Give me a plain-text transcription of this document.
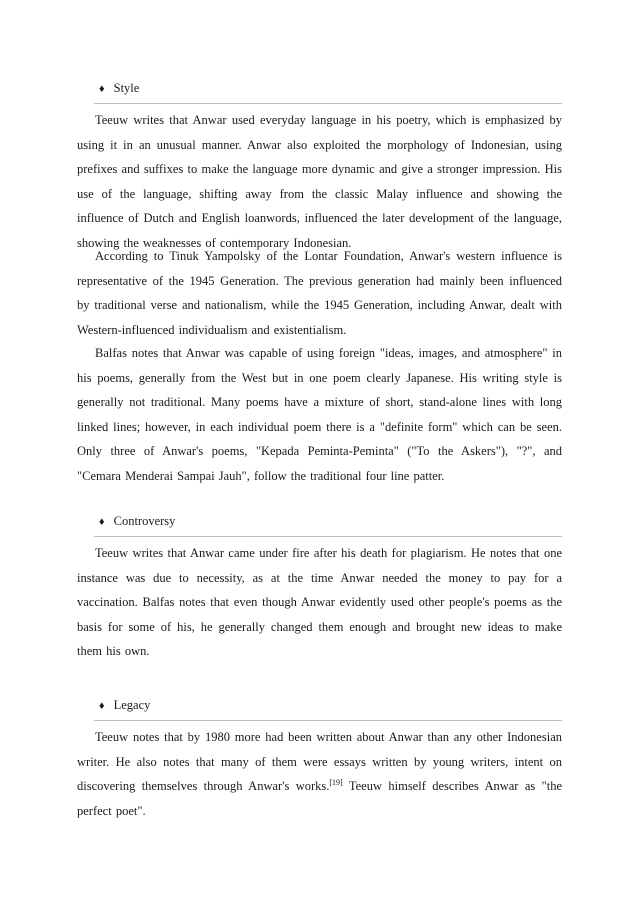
♦ Style

Teeuw writes that Anwar used everyday language in his poetry, which is emphasized by using it in an unusual manner. Anwar also exploited the morphology of Indonesian, using prefixes and suffixes to make the language more dynamic and give a stronger impression. His use of the language, shifting away from the classic Malay influence and showing the influence of Dutch and English loanwords, influenced the later development of the language, showing the weaknesses of contemporary Indonesian.

According to Tinuk Yampolsky of the Lontar Foundation, Anwar's western influence is representative of the 1945 Generation. The previous generation had mainly been influenced by traditional verse and nationalism, while the 1945 Generation, including Anwar, dealt with Western-influenced individualism and existentialism.

Balfas notes that Anwar was capable of using foreign "ideas, images, and atmosphere" in his poems, generally from the West but in one poem clearly Japanese. His writing style is generally not traditional. Many poems have a mixture of short, stand-alone lines with long linked lines; however, in each individual poem there is a "definite form" which can be seen. Only three of Anwar's poems, "Kepada Peminta-Peminta" ("To the Askers"), "?", and "Cemara Menderai Sampai Jauh", follow the traditional four line patter.

♦ Controversy

Teeuw writes that Anwar came under fire after his death for plagiarism. He notes that one instance was due to necessity, as at the time Anwar needed the money to pay for a vaccination. Balfas notes that even though Anwar evidently used other people's poems as the basis for some of his, he generally changed them enough and brought new ideas to make them his own.

♦ Legacy

Teeuw notes that by 1980 more had been written about Anwar than any other Indonesian writer. He also notes that many of them were essays written by young writers, intent on discovering themselves through Anwar's works.[19] Teeuw himself describes Anwar as "the perfect poet".
